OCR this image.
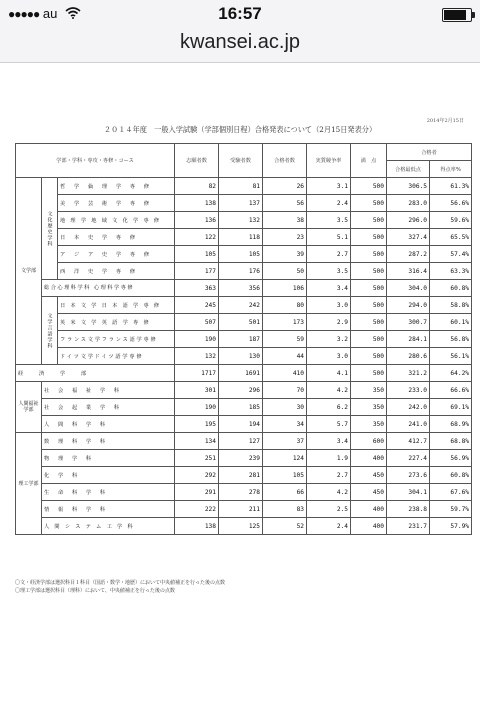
●●●●● au	16:57
kwansei.ac.jp
2014年2月15日
２０１４年度　一般入学試験（学部個別日程）合格発表について（2月15日発表分）
学部・学科・専攻・専修・コース			志願者数	受験者数	合格者数	実質競争率	満　点	合格者	
								合格最低点	得点率%
文学部	文化歴史学科	哲　学　倫　理　学　専　修	82	81	26	3.1	500	306.5	61.3%
		美　学　芸　術　学　専　修	138	137	56	2.4	500	283.0	56.6%
		地 理 学 地 域 文 化 学 専 修	136	132	38	3.5	500	296.0	59.6%
		日　本　史　学　専　修	122	118	23	5.1	500	327.4	65.5%
		ア　ジ　ア　史　学　専　修	105	105	39	2.7	500	287.2	57.4%
		西　洋　史　学　専　修	177	176	50	3.5	500	316.4	63.3%
	総合心理科学科 心理科学専修		363	356	106	3.4	500	304.0	60.8%

	文学言語学科	日 本 文 学 日 本 語 学 専 修	245	242	80	3.0	500	294.0	58.8%
		英 米 文 学 英 語 学 専 修	507	501	173	2.9	500	300.7	60.1%
		フランス文学フランス語学専修	190	187	59	3.2	500	284.1	56.8%
		ドイツ文学ドイツ語学専修	132	130	44	3.0	500	280.6	56.1%
経　　済　　学　　部			1717	1691	410	4.1	500	321.2	64.2%
人間福祉学部	社　会　福　祉　学　科		301	296	70	4.2	350	233.0	66.6%
	社　会　起　業　学　科		190	185	30	6.2	350	242.0	69.1%
	人　間　科　学　科		195	194	34	5.7	350	241.0	68.9%
理工学部	数　理　科　学　科		134	127	37	3.4	600	412.7	68.8%
	物　理　学　科		251	239	124	1.9	400	227.4	56.9%
	化　学　科		292	281	105	2.7	450	273.6	60.8%
	生　命　科　学　科		291	278	66	4.2	450	304.1	67.6%
	情　報　科　学　科		222	211	83	2.5	400	238.8	59.7%
	人 間 シ ス テ ム 工 学 科		138	125	52	2.4	400	231.7	57.9%
〇文・経済学部は選択科目１科目（国語・数学・地歴）において中央値補正を行った後の点数
〇理工学部は選択科目（理科）において、中央値補正を行った後の点数
